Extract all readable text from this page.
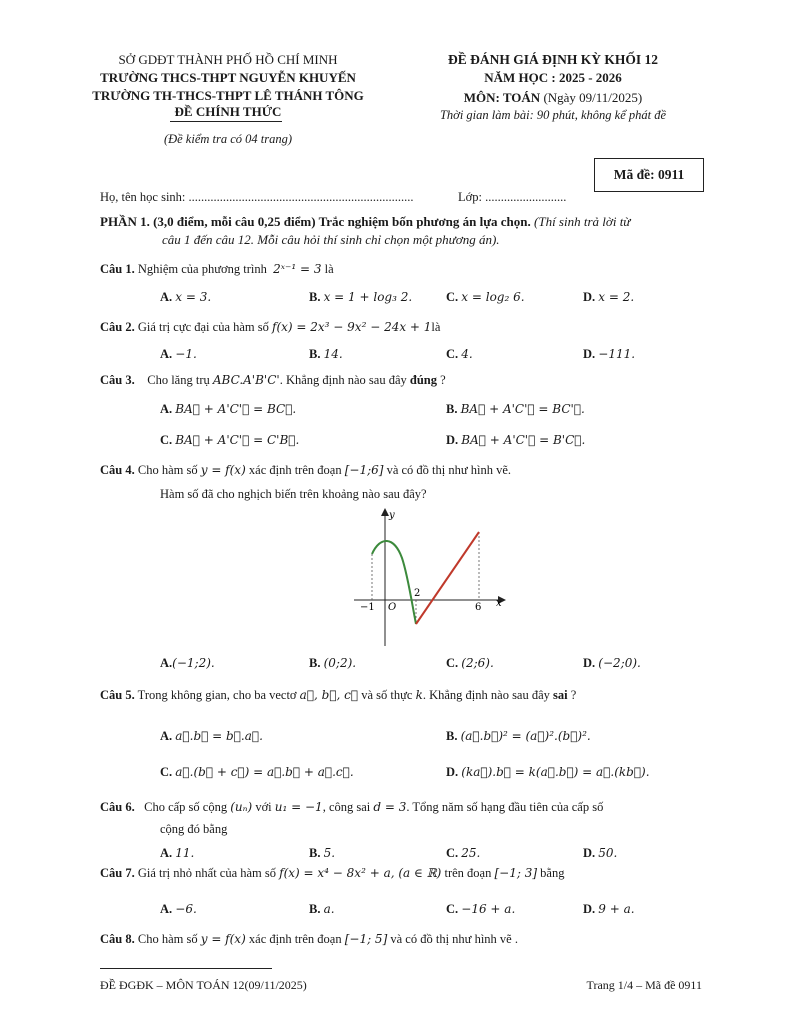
SỞ GDĐT THÀNH PHỐ HỒ CHÍ MINH
TRƯỜNG THCS-THPT NGUYỄN KHUYẾN
TRƯỜNG TH-THCS-THPT LÊ THÁNH TÔNG
ĐỀ CHÍNH THỨC
(Đề kiểm tra có 04 trang)
ĐỀ ĐÁNH GIÁ ĐỊNH KỲ KHỐI 12
NĂM HỌC : 2025 - 2026
MÔN: TOÁN (Ngày 09/11/2025)
Thời gian làm bài: 90 phút, không kể phát đề
Mã đề: 0911
Họ, tên học sinh: ........................................................................	Lớp: ..........................
PHẦN 1. (3,0 điểm, mỗi câu 0,25 điểm) Trắc nghiệm bốn phương án lựa chọn. (Thí sinh trả lời từ
câu 1 đến câu 12. Mỗi câu hỏi thí sinh chỉ chọn một phương án).
Câu 1. Nghiệm của phương trình 2ˣ⁻¹ = 3 là
A. x = 3.	B. x = 1 + log₃ 2.	C. x = log₂ 6.	D. x = 2.
Câu 2. Giá trị cực đại của hàm số f(x) = 2x³ − 9x² − 24x + 1là
A. −1.	B. 14.	C. 4.	D. −111.
Câu 3. Cho lăng trụ ABC.A'B'C'. Khẳng định nào sau đây đúng ?
A. BA⃗ + A'C'⃗ = BC⃗.	B. BA⃗ + A'C'⃗ = BC'⃗.
C. BA⃗ + A'C'⃗ = C'B⃗.	D. BA⃗ + A'C'⃗ = B'C⃗.
Câu 4. Cho hàm số y = f(x) xác định trên đoạn [−1;6] và có đồ thị như hình vẽ.
Hàm số đã cho nghịch biến trên khoảng nào sau đây?
y
x
O
−1
2
6
A.(−1;2).	B. (0;2).	C. (2;6).	D. (−2;0).
Câu 5. Trong không gian, cho ba vectơ a⃗, b⃗, c⃗ và số thực k. Khẳng định nào sau đây sai ?
A. a⃗.b⃗ = b⃗.a⃗.	B. (a⃗.b⃗)² = (a⃗)².(b⃗)².
C. a⃗.(b⃗ + c⃗) = a⃗.b⃗ + a⃗.c⃗.	D. (ka⃗).b⃗ = k(a⃗.b⃗) = a⃗.(kb⃗).
Câu 6. Cho cấp số cộng (uₙ) với u₁ = −1, công sai d = 3. Tổng năm số hạng đầu tiên của cấp số
cộng đó bằng
A. 11.	B. 5.	C. 25.	D. 50.
Câu 7. Giá trị nhỏ nhất của hàm số f(x) = x⁴ − 8x² + a, (a ∈ ℝ) trên đoạn [−1; 3] bằng
A. −6.	B. a.	C. −16 + a.	D. 9 + a.
Câu 8. Cho hàm số y = f(x) xác định trên đoạn [−1; 5] và có đồ thị như hình vẽ .
ĐỀ ĐGĐK – MÔN TOÁN 12(09/11/2025)	Trang 1/4 – Mã đề 0911
